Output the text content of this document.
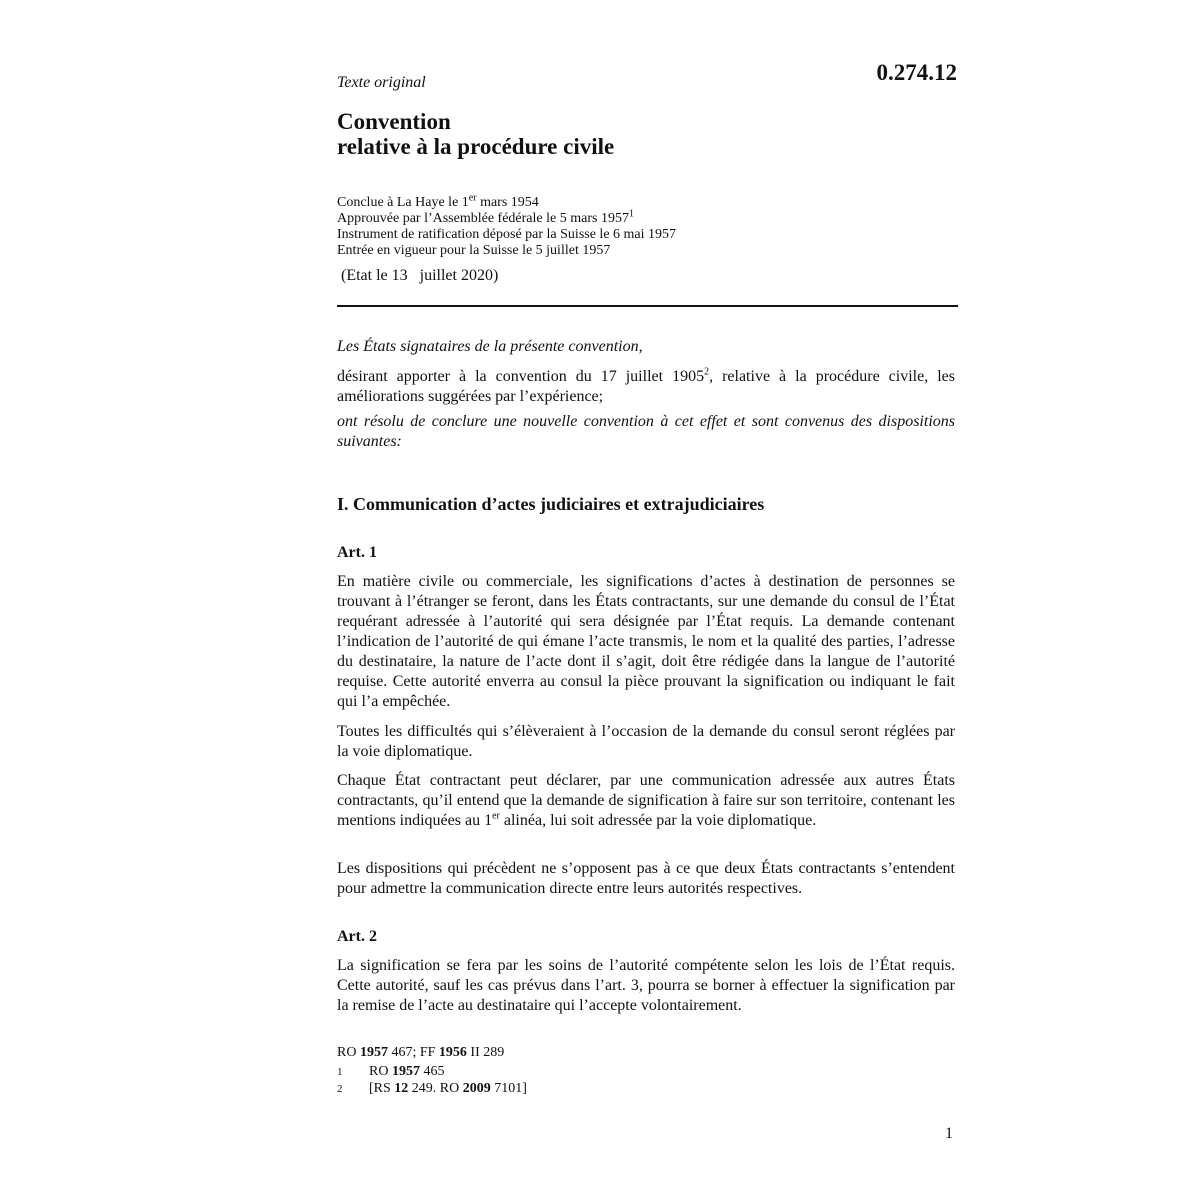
0.274.12
Texte original
Convention
relative à la procédure civile
Conclue à La Haye le 1er mars 1954
Approuvée par l’Assemblée fédérale le 5 mars 1957$^1$
Instrument de ratification déposé par la Suisse le 6 mai 1957
Entrée en vigueur pour la Suisse le 5 juillet 1957
(Etat le 13   juillet 2020)
Les États signataires de la présente convention,

désirant apporter à la convention du 17 juillet 1905$^2$, relative à la procédure civile, les améliorations suggérées par l’expérience;

ont résolu de conclure une nouvelle convention à cet effet et sont convenus des dispositions suivantes:

I. Communication d’actes judiciaires et extrajudiciaires
Art. 1

En matière civile ou commerciale, les significations d’actes à destination de personnes se trouvant à l’étranger se feront, dans les États contractants, sur une demande du consul de l’État requérant adressée à l’autorité qui sera désignée par l’État requis. La demande contenant l’indication de l’autorité de qui émane l’acte transmis, le nom et la qualité des parties, l’adresse du destinataire, la nature de l’acte dont il s’agit, doit être rédigée dans la langue de l’autorité requise. Cette autorité enverra au consul la pièce prouvant la signification ou indiquant le fait qui l’a empêchée.

Toutes les difficultés qui s’élèveraient à l’occasion de la demande du consul seront réglées par la voie diplomatique.

Chaque État contractant peut déclarer, par une communication adressée aux autres États contractants, qu’il entend que la demande de signification à faire sur son territoire, contenant les mentions indiquées au 1er alinéa, lui soit adressée par la voie diplomatique.

Les dispositions qui précèdent ne s’opposent pas à ce que deux États contractants s’entendent pour admettre la communication directe entre leurs autorités respectives.

Art. 2

La signification se fera par les soins de l’autorité compétente selon les lois de l’État requis. Cette autorité, sauf les cas prévus dans l’art. 3, pourra se borner à effectuer la signification par la remise de l’acte au destinataire qui l’accepte volontairement.

RO 1957 467; FF 1956 II 289
1 RO 1957 465
2 [RS 12 249. RO 2009 7101]
1
